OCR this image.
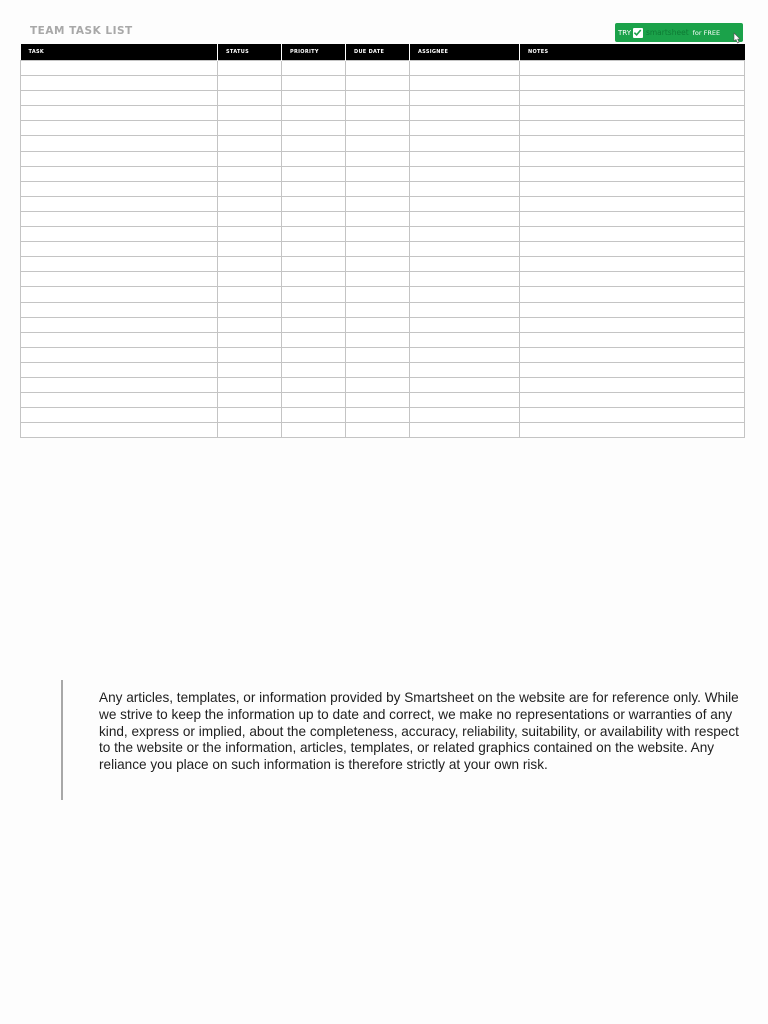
TEAM TASK LIST	TRY smartsheet for FREE
TASK	STATUS	PRIORITY	DUE DATE	ASSIGNEE	NOTES

Any articles, templates, or information provided by Smartsheet on the website are for reference only. While we strive to keep the information up to date and correct, we make no representations or warranties of any kind, express or implied, about the completeness, accuracy, reliability, suitability, or availability with respect to the website or the information, articles, templates, or related graphics contained on the website. Any reliance you place on such information is therefore strictly at your own risk.
